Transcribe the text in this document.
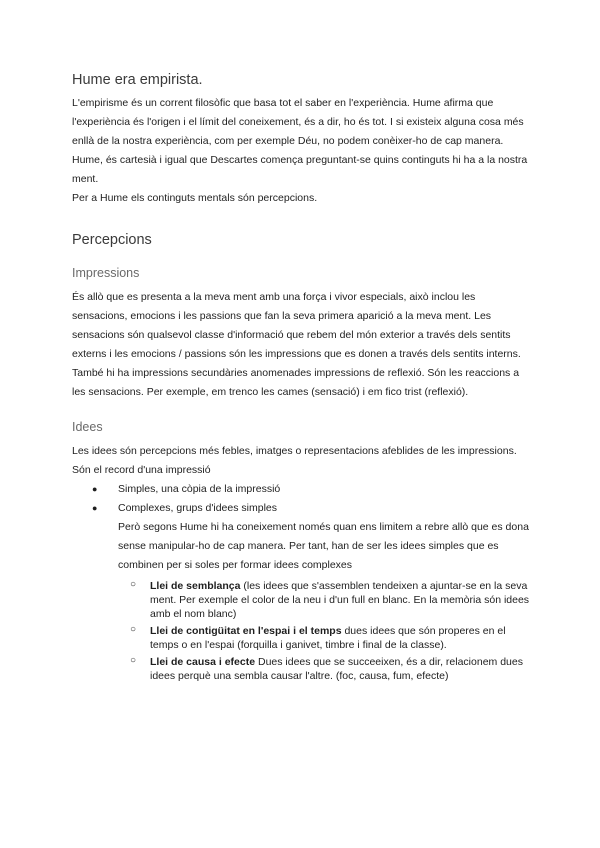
Hume era empirista.

L'empirisme és un corrent filosòfic que basa tot el saber en l'experiència. Hume afirma que l'experiència és l'origen i el límit del coneixement, és a dir, ho és tot. I si existeix alguna cosa més enllà de la nostra experiència, com per exemple Déu, no podem conèixer-ho de cap manera.

Hume, és cartesià i igual que Descartes comença preguntant-se quins continguts hi ha a la nostra ment.

Per a Hume els continguts mentals són percepcions.

Percepcions
Impressions

És allò que es presenta a la meva ment amb una força i vivor especials, això inclou les sensacions, emocions i les passions que fan la seva primera aparició a la meva ment. Les sensacions són qualsevol classe d'informació que rebem del món exterior a través dels sentits externs i les emocions / passions són les impressions que es donen a través dels sentits interns.

També hi ha impressions secundàries anomenades impressions de reflexió. Són les reaccions a les sensacions. Per exemple, em trenco les cames (sensació) i em fico trist (reflexió).

Idees

Les idees són percepcions més febles, imatges o representacions afeblides de les impressions. Són el record d'una impressió

● Simples, una còpia de la impressió
● Complexes, grups d'idees simples
Però segons Hume hi ha coneixement només quan ens limitem a rebre allò que es dona sense manipular-ho de cap manera. Per tant, han de ser les idees simples que es combinen per si soles per formar idees complexes
○ Llei de semblança (les idees que s'assemblen tendeixen a ajuntar-se en la seva ment. Per exemple el color de la neu i d'un full en blanc. En la memòria són idees amb el nom blanc)
○ Llei de contigüitat en l'espai i el temps dues idees que són properes en el temps o en l'espai (forquilla i ganivet, timbre i final de la classe).
○ Llei de causa i efecte Dues idees que se succeeixen, és a dir, relacionem dues idees perquè una sembla causar l'altre. (foc, causa, fum, efecte)
